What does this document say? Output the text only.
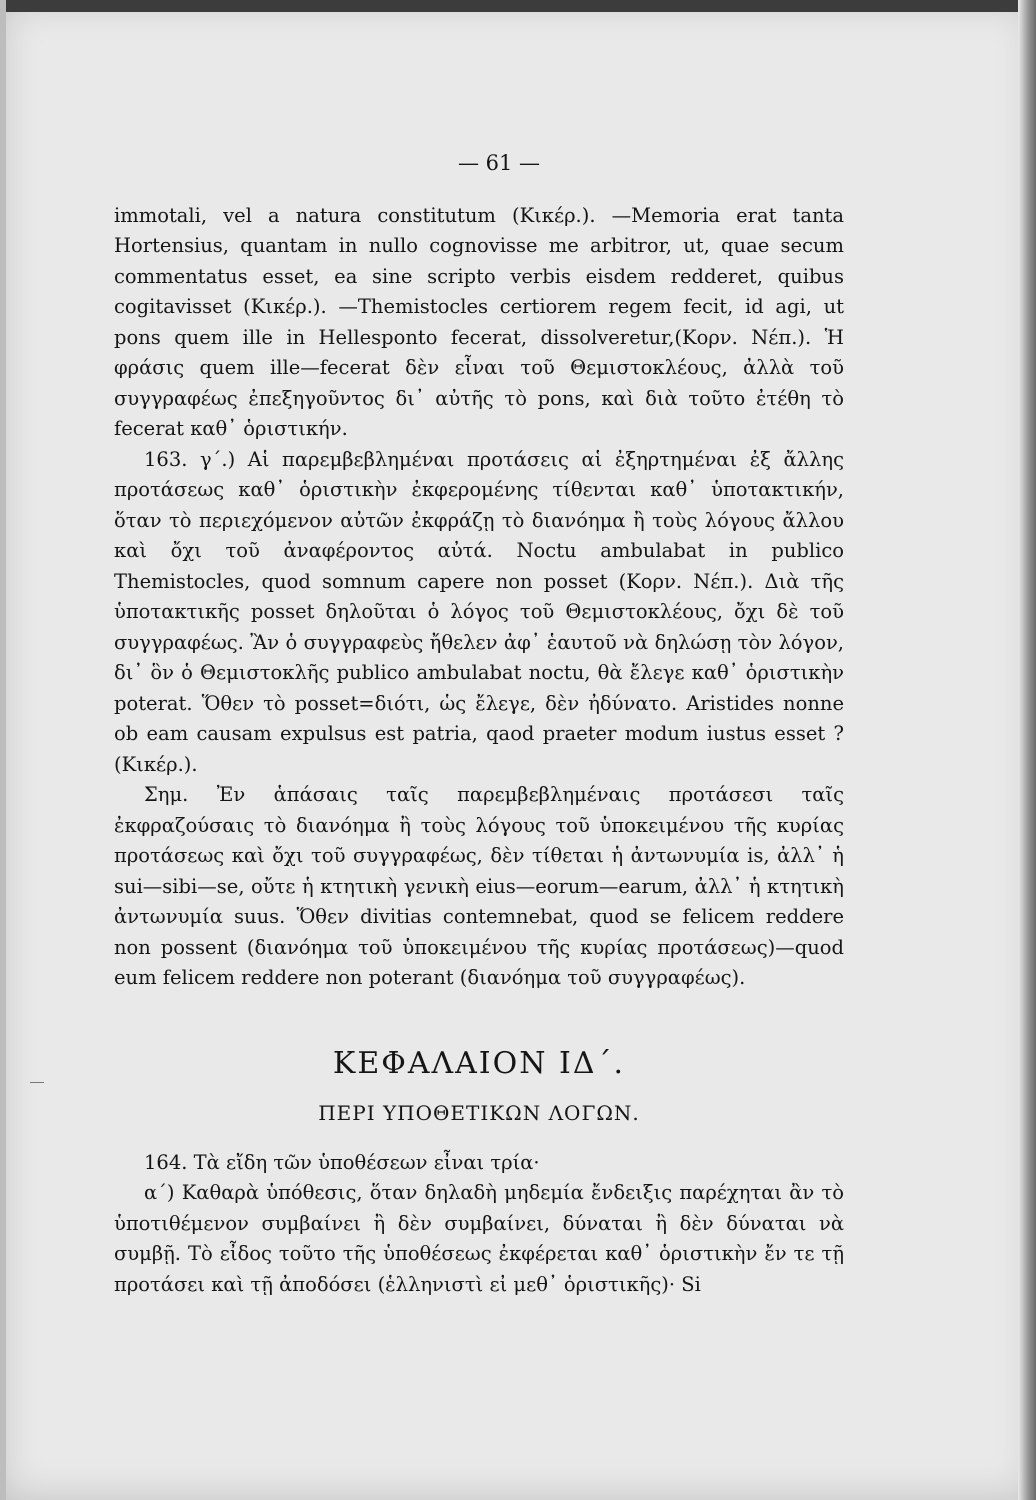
— 61 —

immotali, vel a natura constitutum (Κικέρ.). —Memoria erat tanta Hortensius, quantam in nullo cognovisse me arbitror, ut, quae secum commentatus esset, ea sine scripto verbis eisdem redderet, quibus cogitavisset (Κικέρ.). —Themistocles certiorem regem fecit, id agi, ut pons quem ille in Hellesponto fecerat, dissolveretur,(Κορν. Νέπ.). Ἡ φράσις quem ille—fecerat δὲν εἶναι τοῦ Θεμιστοκλέους, ἀλλὰ τοῦ συγγραφέως ἐπεξηγοῦντος δι᾽ αὐτῆς τὸ pons, καὶ διὰ τοῦτο ἐτέθη τὸ fecerat καθ᾽ ὁριστικήν.

163. γ΄.) Αἱ παρεμβεβλημέναι προτάσεις αἱ ἐξηρτημέναι ἐξ ἄλλης προτάσεως καθ᾽ ὁριστικὴν ἐκφερομένης τίθενται καθ᾽ ὑποτακτικήν, ὅταν τὸ περιεχόμενον αὐτῶν ἐκφράζῃ τὸ διανόημα ἢ τοὺς λόγους ἄλλου καὶ ὄχι τοῦ ἀναφέροντος αὐτά. Noctu ambulabat in publico Themistocles, quod somnum capere non posset (Κορν. Νέπ.). Διὰ τῆς ὑποτακτικῆς posset δηλοῦται ὁ λόγος τοῦ Θεμιστοκλέους, ὄχι δὲ τοῦ συγγραφέως. Ἂν ὁ συγγραφεὺς ἤθελεν ἀφ᾽ ἑαυτοῦ νὰ δηλώσῃ τὸν λόγον, δι᾽ ὃν ὁ Θεμιστοκλῆς publico ambulabat noctu, θὰ ἔλεγε καθ᾽ ὁριστικὴν poterat. Ὅθεν τὸ posset=διότι, ὡς ἔλεγε, δὲν ἠδύνατο. Aristides nonne ob eam causam expulsus est patria, qaod praeter modum iustus esset ? (Κικέρ.).

Σημ. Ἐν ἁπάσαις ταῖς παρεμβεβλημέναις προτάσεσι ταῖς ἐκφραζούσαις τὸ διανόημα ἢ τοὺς λόγους τοῦ ὑποκειμένου τῆς κυρίας προτάσεως καὶ ὄχι τοῦ συγγραφέως, δὲν τίθεται ἡ ἀντωνυμία is, ἀλλ᾽ ἡ sui—sibi—se, οὔτε ἡ κτητικὴ γενικὴ eius—eorum—earum, ἀλλ᾽ ἡ κτητικὴ ἀντωνυμία suus. Ὅθεν divitias contemnebat, quod se felicem reddere non possent (διανόημα τοῦ ὑποκειμένου τῆς κυρίας προτάσεως)—quod eum felicem reddere non poterant (διανόημα τοῦ συγγραφέως).

ΚΕΦΑΛΑΙΟΝ ΙΔ΄.
ΠΕΡΙ ΥΠΟΘΕΤΙΚΩΝ ΛΟΓΩΝ.

164. Τὰ εἴδη τῶν ὑποθέσεων εἶναι τρία·

α΄) Καθαρὰ ὑπόθεσις, ὅταν δηλαδὴ μηδεμία ἔνδειξις παρέχηται ἂν τὸ ὑποτιθέμενον συμβαίνει ἢ δὲν συμβαίνει, δύναται ἢ δὲν δύναται νὰ συμβῇ. Τὸ εἶδος τοῦτο τῆς ὑποθέσεως ἐκφέρεται καθ᾽ ὁριστικὴν ἔν τε τῇ προτάσει καὶ τῇ ἀποδόσει (ἑλληνιστὶ εἰ μεθ᾽ ὁριστικῆς)· Si
